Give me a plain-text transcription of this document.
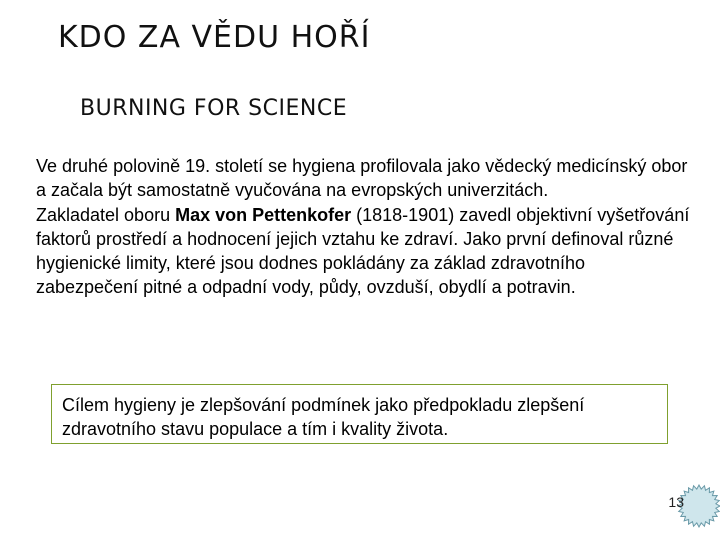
KDO ZA VĚDU HOŘÍ
BURNING FOR SCIENCE

Ve druhé polovině 19. století se hygiena profilovala jako vědecký medicínský obor a začala být samostatně vyučována na evropských univerzitách.

Zakladatel oboru Max von Pettenkofer (1818-1901) zavedl objektivní vyšetřování faktorů prostředí a hodnocení jejich vztahu ke zdraví. Jako první definoval různé hygienické limity, které jsou dodnes pokládány za základ zdravotního zabezpečení pitné a odpadní vody, půdy, ovzduší, obydlí a potravin.

Cílem hygieny je zlepšování podmínek jako předpokladu zlepšení zdravotního stavu populace a tím i kvality života.
13
